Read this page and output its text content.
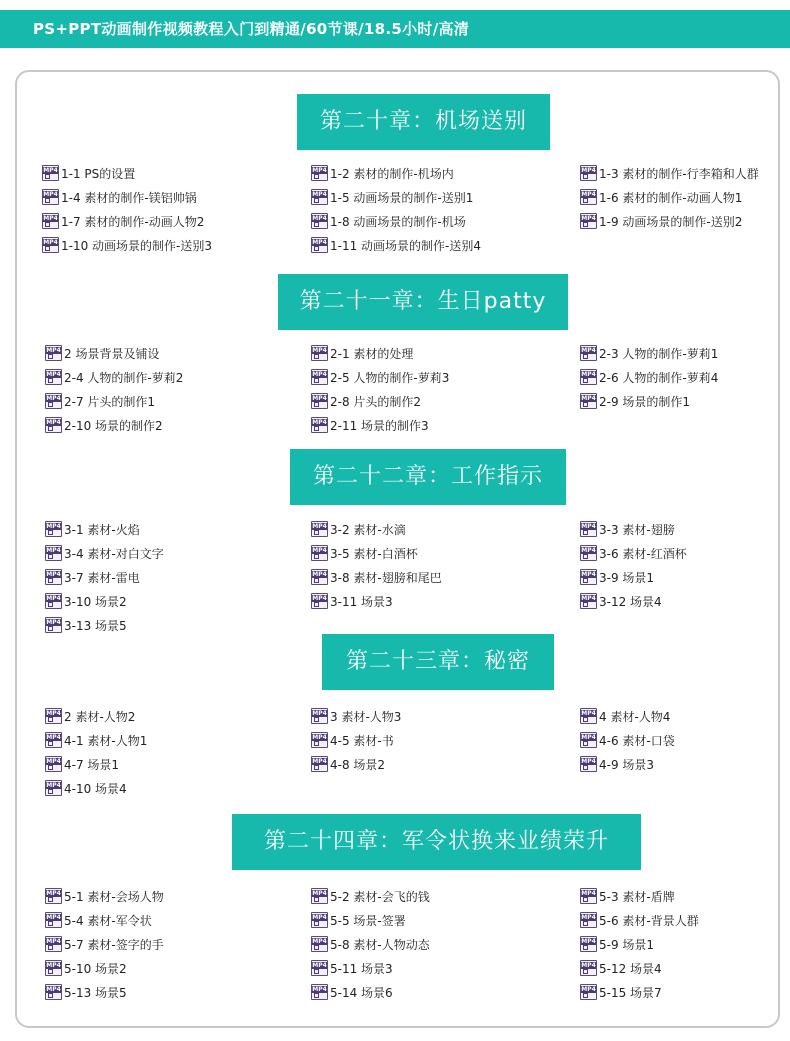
PS+PPT动画制作视频教程入门到精通/60节课/18.5小时/高清
第二十章：机场送别
MP4 1-1 PS的设置	MP4 1-2 素材的制作-机场内	MP4 1-3 素材的制作-行李箱和人群
MP4 1-4 素材的制作-镁铝帅锅	MP4 1-5 动画场景的制作-送别1	MP4 1-6 素材的制作-动画人物1
MP4 1-7 素材的制作-动画人物2	MP4 1-8 动画场景的制作-机场	MP4 1-9 动画场景的制作-送别2
MP4 1-10 动画场景的制作-送别3	MP4 1-11 动画场景的制作-送别4
第二十一章：生日patty
MP4 2 场景背景及铺设	MP4 2-1 素材的处理	MP4 2-3 人物的制作-萝莉1
MP4 2-4 人物的制作-萝莉2	MP4 2-5 人物的制作-萝莉3	MP4 2-6 人物的制作-萝莉4
MP4 2-7 片头的制作1	MP4 2-8 片头的制作2	MP4 2-9 场景的制作1
MP4 2-10 场景的制作2	MP4 2-11 场景的制作3
第二十二章：工作指示
MP4 3-1 素材-火焰	MP4 3-2 素材-水滴	MP4 3-3 素材-翅膀
MP4 3-4 素材-对白文字	MP4 3-5 素材-白酒杯	MP4 3-6 素材-红酒杯
MP4 3-7 素材-雷电	MP4 3-8 素材-翅膀和尾巴	MP4 3-9 场景1
MP4 3-10 场景2	MP4 3-11 场景3	MP4 3-12 场景4
MP4 3-13 场景5
第二十三章：秘密
MP4 2 素材-人物2	MP4 3 素材-人物3	MP4 4 素材-人物4
MP4 4-1 素材-人物1	MP4 4-5 素材-书	MP4 4-6 素材-口袋
MP4 4-7 场景1	MP4 4-8 场景2	MP4 4-9 场景3
MP4 4-10 场景4
第二十四章：军令状换来业绩荣升
MP4 5-1 素材-会场人物	MP4 5-2 素材-会飞的钱	MP4 5-3 素材-盾牌
MP4 5-4 素材-军令状	MP4 5-5 场景-签署	MP4 5-6 素材-背景人群
MP4 5-7 素材-签字的手	MP4 5-8 素材-人物动态	MP4 5-9 场景1
MP4 5-10 场景2	MP4 5-11 场景3	MP4 5-12 场景4
MP4 5-13 场景5	MP4 5-14 场景6	MP4 5-15 场景7
